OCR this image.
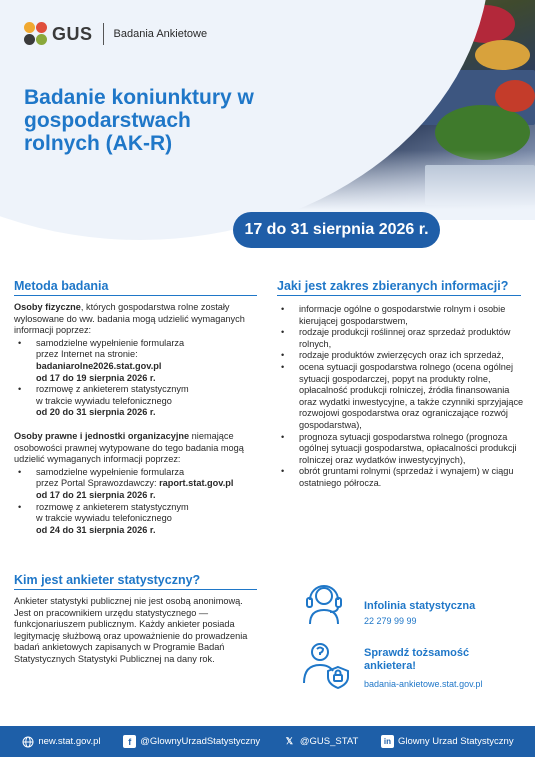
GUS Badania Ankietowe
Badanie koniunktury w gospodarstwach rolnych (AK-R)
17 do 31 sierpnia 2026 r.
Metoda badania

Osoby fizyczne, których gospodarstwa rolne zostały wylosowane do ww. badania mogą udzielić wymaganych informacji poprzez:

• samodzielne wypełnienie formularza
przez Internet na stronie:
badaniarolne2026.stat.gov.pl
od 17 do 19 sierpnia 2026 r.
• rozmowę z ankieterem statystycznym
w trakcie wywiadu telefonicznego
od 20 do 31 sierpnia 2026 r.

Osoby prawne i jednostki organizacyjne niemające osobowości prawnej wytypowane do tego badania mogą udzielić wymaganych informacji poprzez:

• samodzielne wypełnienie formularza
przez Portal Sprawozdawczy: raport.stat.gov.pl
od 17 do 21 sierpnia 2026 r.
• rozmowę z ankieterem statystycznym
w trakcie wywiadu telefonicznego
od 24 do 31 sierpnia 2026 r.
Jaki jest zakres zbieranych informacji?
• informacje ogólne o gospodarstwie rolnym i osobie kierującej gospodarstwem,
• rodzaje produkcji roślinnej oraz sprzedaż produktów rolnych,
• rodzaje produktów zwierzęcych oraz ich sprzedaż,
• ocena sytuacji gospodarstwa rolnego (ocena ogólnej sytuacji gospodarczej, popyt na produkty rolne, opłacalność produkcji rolniczej, źródła finansowania oraz wydatki inwestycyjne, a także czynniki sprzyjające rozwojowi gospodarstwa oraz ograniczające rozwój gospodarstwa),
• prognoza sytuacji gospodarstwa rolnego (prognoza ogólnej sytuacji gospodarstwa, opłacalności produkcji rolniczej oraz wydatków inwestycyjnych),
• obrót gruntami rolnymi (sprzedaż i wynajem) w ciągu ostatniego półrocza.
Kim jest ankieter statystyczny?

Ankieter statystyki publicznej nie jest osobą anonimową. Jest on pracownikiem urzędu statystycznego — funkcjonariuszem publicznym. Każdy ankieter posiada legitymację służbową oraz upoważnienie do prowadzenia badań ankietowych zapisanych w Programie Badań Statystycznych Statystyki Publicznej na dany rok.

Infolinia statystyczna
22 279 99 99
Sprawdź tożsamość
ankietera!
badania-ankietowe.stat.gov.pl
new.stat.gov.pl	f @GlownyUrzadStatystyczny	𝕏 @GUS_STAT	in Glowny Urzad Statystyczny
